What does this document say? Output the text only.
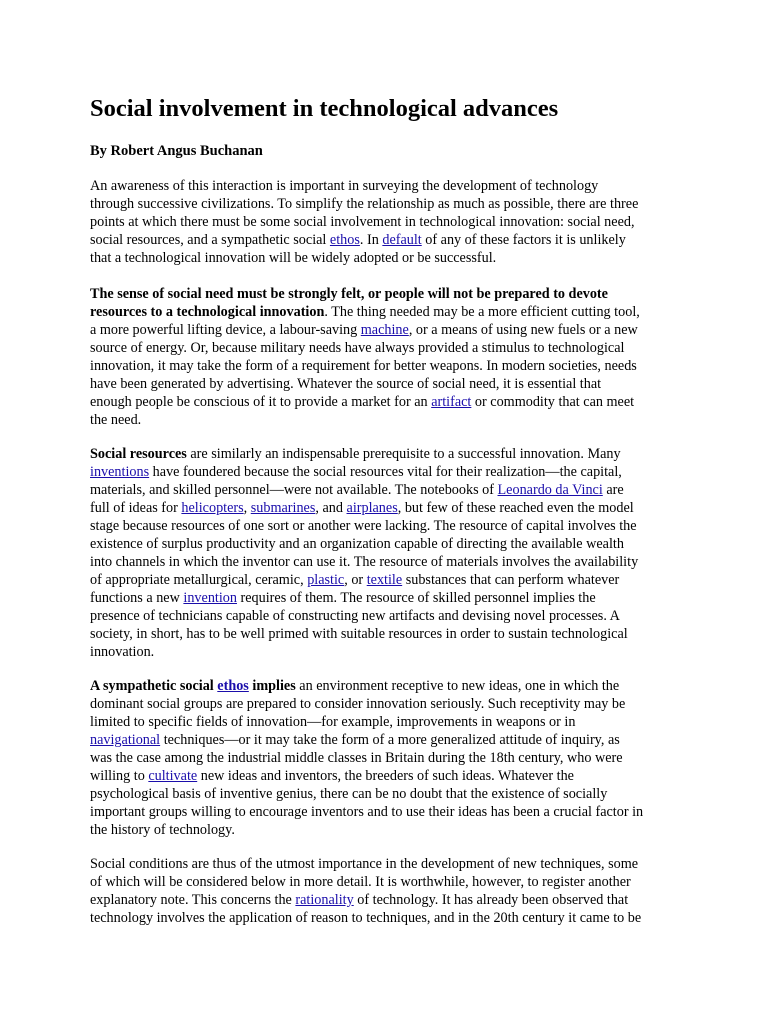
Social involvement in technological advances

By Robert Angus Buchanan

An awareness of this interaction is important in surveying the development of technology
through successive civilizations. To simplify the relationship as much as possible, there are three
points at which there must be some social involvement in technological innovation: social need,
social resources, and a sympathetic social ethos. In default of any of these factors it is unlikely
that a technological innovation will be widely adopted or be successful.
The sense of social need must be strongly felt, or people will not be prepared to devote
resources to a technological innovation. The thing needed may be a more efficient cutting tool,
a more powerful lifting device, a labour-saving machine, or a means of using new fuels or a new
source of energy. Or, because military needs have always provided a stimulus to technological
innovation, it may take the form of a requirement for better weapons. In modern societies, needs
have been generated by advertising. Whatever the source of social need, it is essential that
enough people be conscious of it to provide a market for an artifact or commodity that can meet
the need.
Social resources are similarly an indispensable prerequisite to a successful innovation. Many
inventions have foundered because the social resources vital for their realization—the capital,
materials, and skilled personnel—were not available. The notebooks of Leonardo da Vinci are
full of ideas for helicopters, submarines, and airplanes, but few of these reached even the model
stage because resources of one sort or another were lacking. The resource of capital involves the
existence of surplus productivity and an organization capable of directing the available wealth
into channels in which the inventor can use it. The resource of materials involves the availability
of appropriate metallurgical, ceramic, plastic, or textile substances that can perform whatever
functions a new invention requires of them. The resource of skilled personnel implies the
presence of technicians capable of constructing new artifacts and devising novel processes. A
society, in short, has to be well primed with suitable resources in order to sustain technological
innovation.
A sympathetic social ethos implies an environment receptive to new ideas, one in which the
dominant social groups are prepared to consider innovation seriously. Such receptivity may be
limited to specific fields of innovation—for example, improvements in weapons or in
navigational techniques—or it may take the form of a more generalized attitude of inquiry, as
was the case among the industrial middle classes in Britain during the 18th century, who were
willing to cultivate new ideas and inventors, the breeders of such ideas. Whatever the
psychological basis of inventive genius, there can be no doubt that the existence of socially
important groups willing to encourage inventors and to use their ideas has been a crucial factor in
the history of technology.
Social conditions are thus of the utmost importance in the development of new techniques, some
of which will be considered below in more detail. It is worthwhile, however, to register another
explanatory note. This concerns the rationality of technology. It has already been observed that
technology involves the application of reason to techniques, and in the 20th century it came to be
